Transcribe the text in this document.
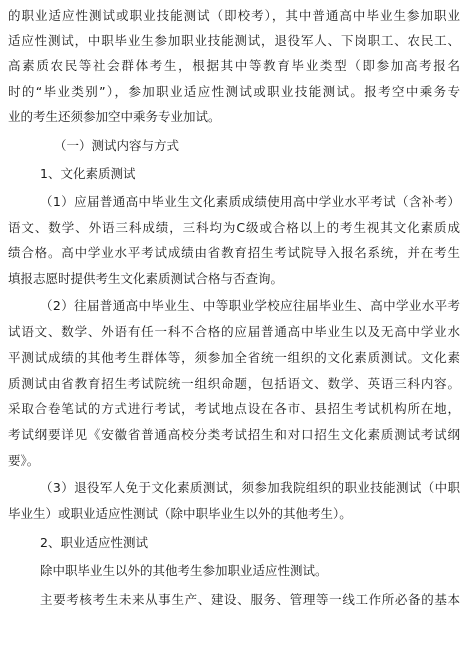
的职业适应性测试或职业技能测试（即校考），其中普通高中毕业生参加职业
适应性测试，中职毕业生参加职业技能测试，退役军人、下岗职工、农民工、
高素质农民等社会群体考生，根据其中等教育毕业类型（即参加高考报名
时的“毕业类别”），参加职业适应性测试或职业技能测试。报考空中乘务专
业的考生还须参加空中乘务专业加试。
（一）测试内容与方式
1、文化素质测试
（1）应届普通高中毕业生文化素质成绩使用高中学业水平考试（含补考）
语文、数学、外语三科成绩，三科均为C级或合格以上的考生视其文化素质成
绩合格。高中学业水平考试成绩由省教育招生考试院导入报名系统，并在考生
填报志愿时提供考生文化素质测试合格与否查询。
（2）往届普通高中毕业生、中等职业学校应往届毕业生、高中学业水平考
试语文、数学、外语有任一科不合格的应届普通高中毕业生以及无高中学业水
平测试成绩的其他考生群体等，须参加全省统一组织的文化素质测试。文化素
质测试由省教育招生考试院统一组织命题，包括语文、数学、英语三科内容。
采取合卷笔试的方式进行考试，考试地点设在各市、县招生考试机构所在地，
考试纲要详见《安徽省普通高校分类考试招生和对口招生文化素质测试考试纲
要》。
（3）退役军人免于文化素质测试，须参加我院组织的职业技能测试（中职
毕业生）或职业适应性测试（除中职毕业生以外的其他考生）。
2、职业适应性测试
除中职毕业生以外的其他考生参加职业适应性测试。
主要考核考生未来从事生产、建设、服务、管理等一线工作所必备的基本
